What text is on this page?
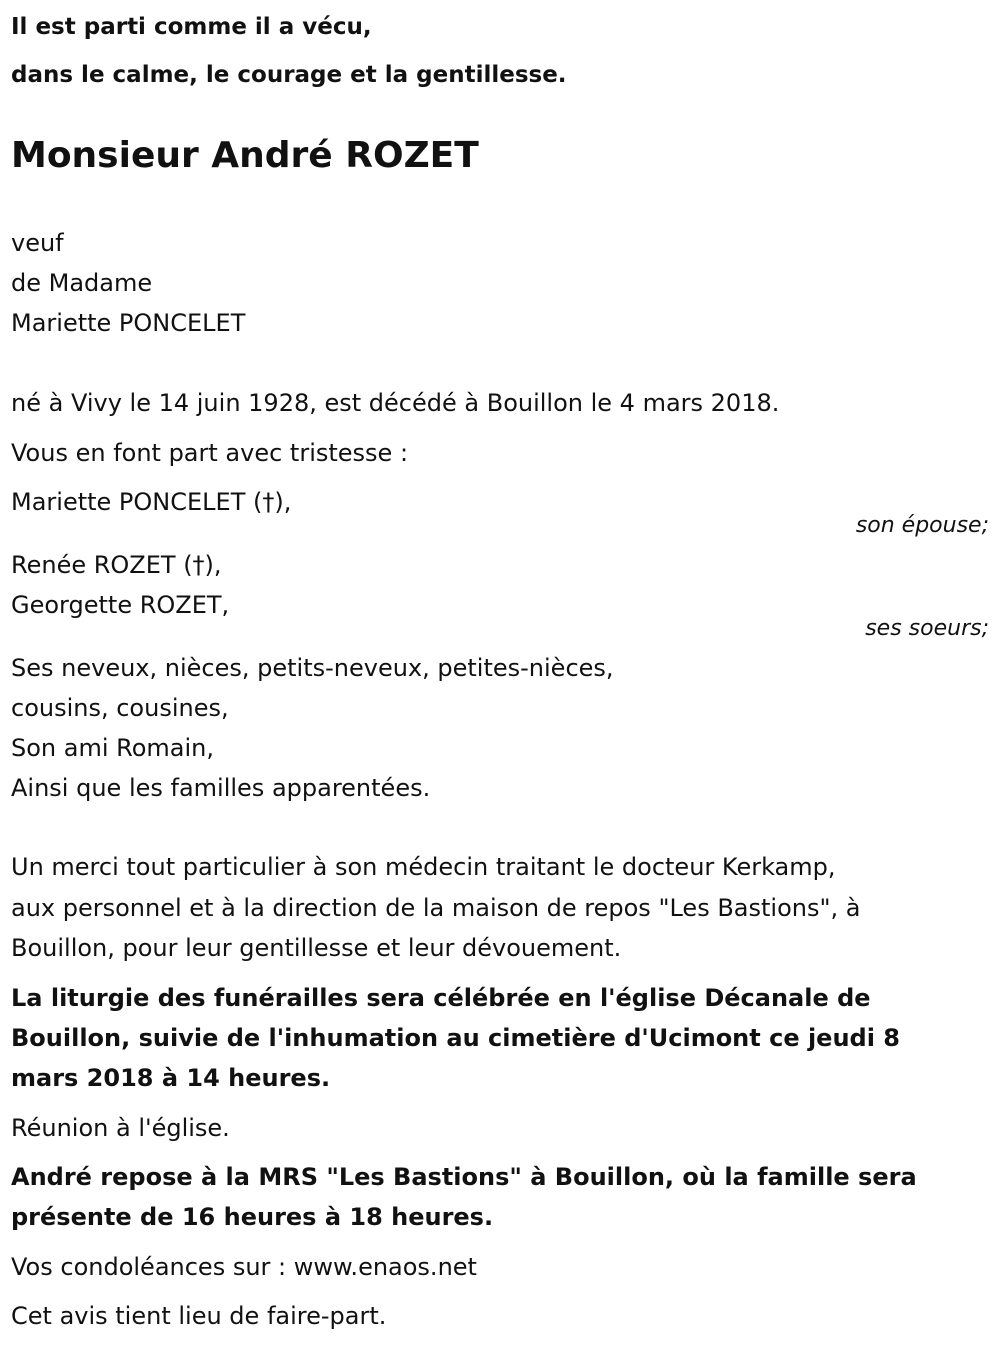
Il est parti comme il a vécu,
dans le calme, le courage et la gentillesse.
Monsieur André ROZET
veuf
de Madame
Mariette PONCELET
né à Vivy le 14 juin 1928, est décédé à Bouillon le 4 mars 2018.
Vous en font part avec tristesse :
Mariette PONCELET (†),
son épouse;
Renée ROZET (†),
Georgette ROZET,
ses soeurs;
Ses neveux, nièces, petits-neveux, petites-nièces,
cousins, cousines,
Son ami Romain,
Ainsi que les familles apparentées.
Un merci tout particulier à son médecin traitant le docteur Kerkamp,
aux personnel et à la direction de la maison de repos "Les Bastions", à
Bouillon, pour leur gentillesse et leur dévouement.
La liturgie des funérailles sera célébrée en l'église Décanale de
Bouillon, suivie de l'inhumation au cimetière d'Ucimont ce jeudi 8
mars 2018 à 14 heures.
Réunion à l'église.
André repose à la MRS "Les Bastions" à Bouillon, où la famille sera
présente de 16 heures à 18 heures.
Vos condoléances sur : www.enaos.net
Cet avis tient lieu de faire-part.
